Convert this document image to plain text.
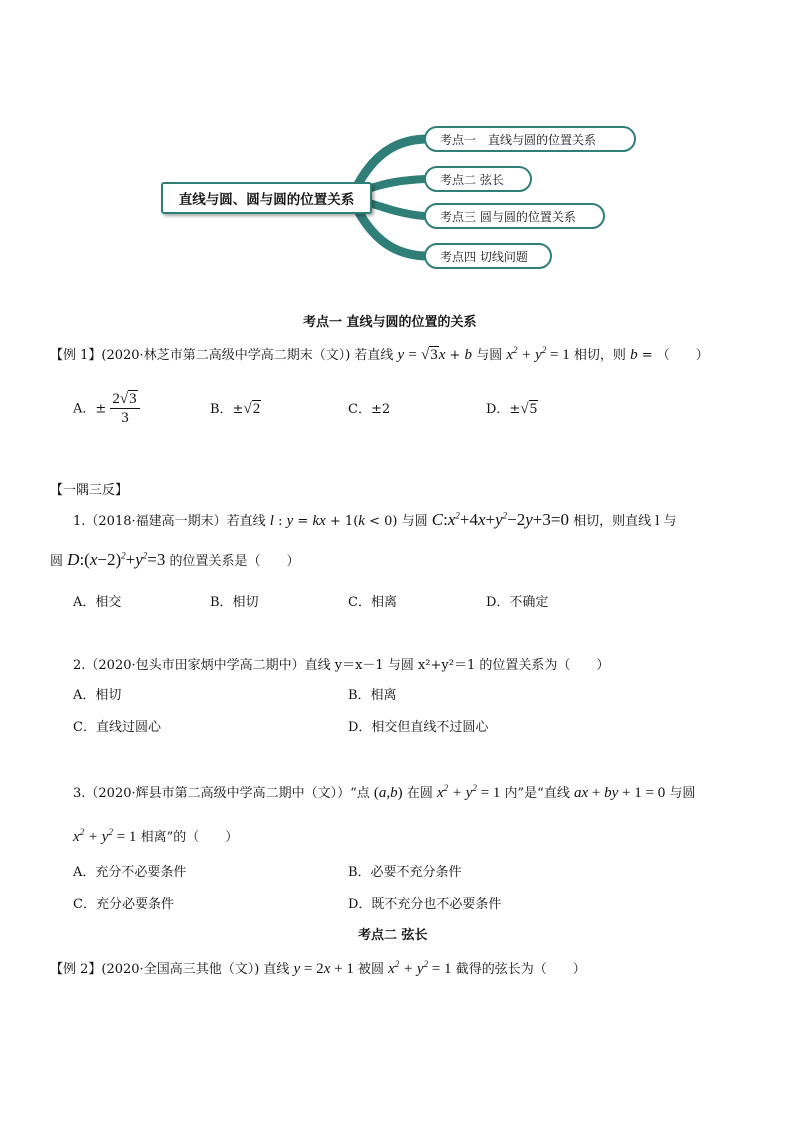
直线与圆、圆与圆的位置关系
考点一　直线与圆的位置关系
考点二 弦长
考点三 圆与圆的位置关系
考点四 切线问题
考点一 直线与圆的位置的关系
【例 1】(2020·林芝市第二高级中学高二期末（文）) 若直线 y = √3x + b 与圆 $x^2 + y^2 = 1$ 相切，则 b = （　　）
A．± $\frac{2√3}{3}$	B．±√2	C．±2	D．±√5
【一隅三反】
1.（2018·福建高一期末）若直线 l : y = kx + 1(k < 0) 与圆 $C:x^2+4x+y^2-2y+3=0$ 相切，则直线 l 与
圆 $D:(x-2)^2+y^2=3$ 的位置关系是（　　）
A．相交	B．相切	C．相离	D．不确定
2.（2020·包头市田家炳中学高二期中）直线 y＝x－1 与圆 x²+y²＝1 的位置关系为（　　）
A．相切	B．相离
C．直线过圆心	D．相交但直线不过圆心
3.（2020·辉县市第二高级中学高二期中（文））“点 (a,b) 在圆 $x^2 + y^2 = 1$ 内”是“直线 ax + by + 1 = 0 与圆
$x^2 + y^2 = 1$ 相离”的（　　）
A．充分不必要条件	B．必要不充分条件
C．充分必要条件	D．既不充分也不必要条件
考点二 弦长
【例 2】(2020·全国高三其他（文）) 直线 y = 2x + 1 被圆 $x^2 + y^2 = 1$ 截得的弦长为（　　）
